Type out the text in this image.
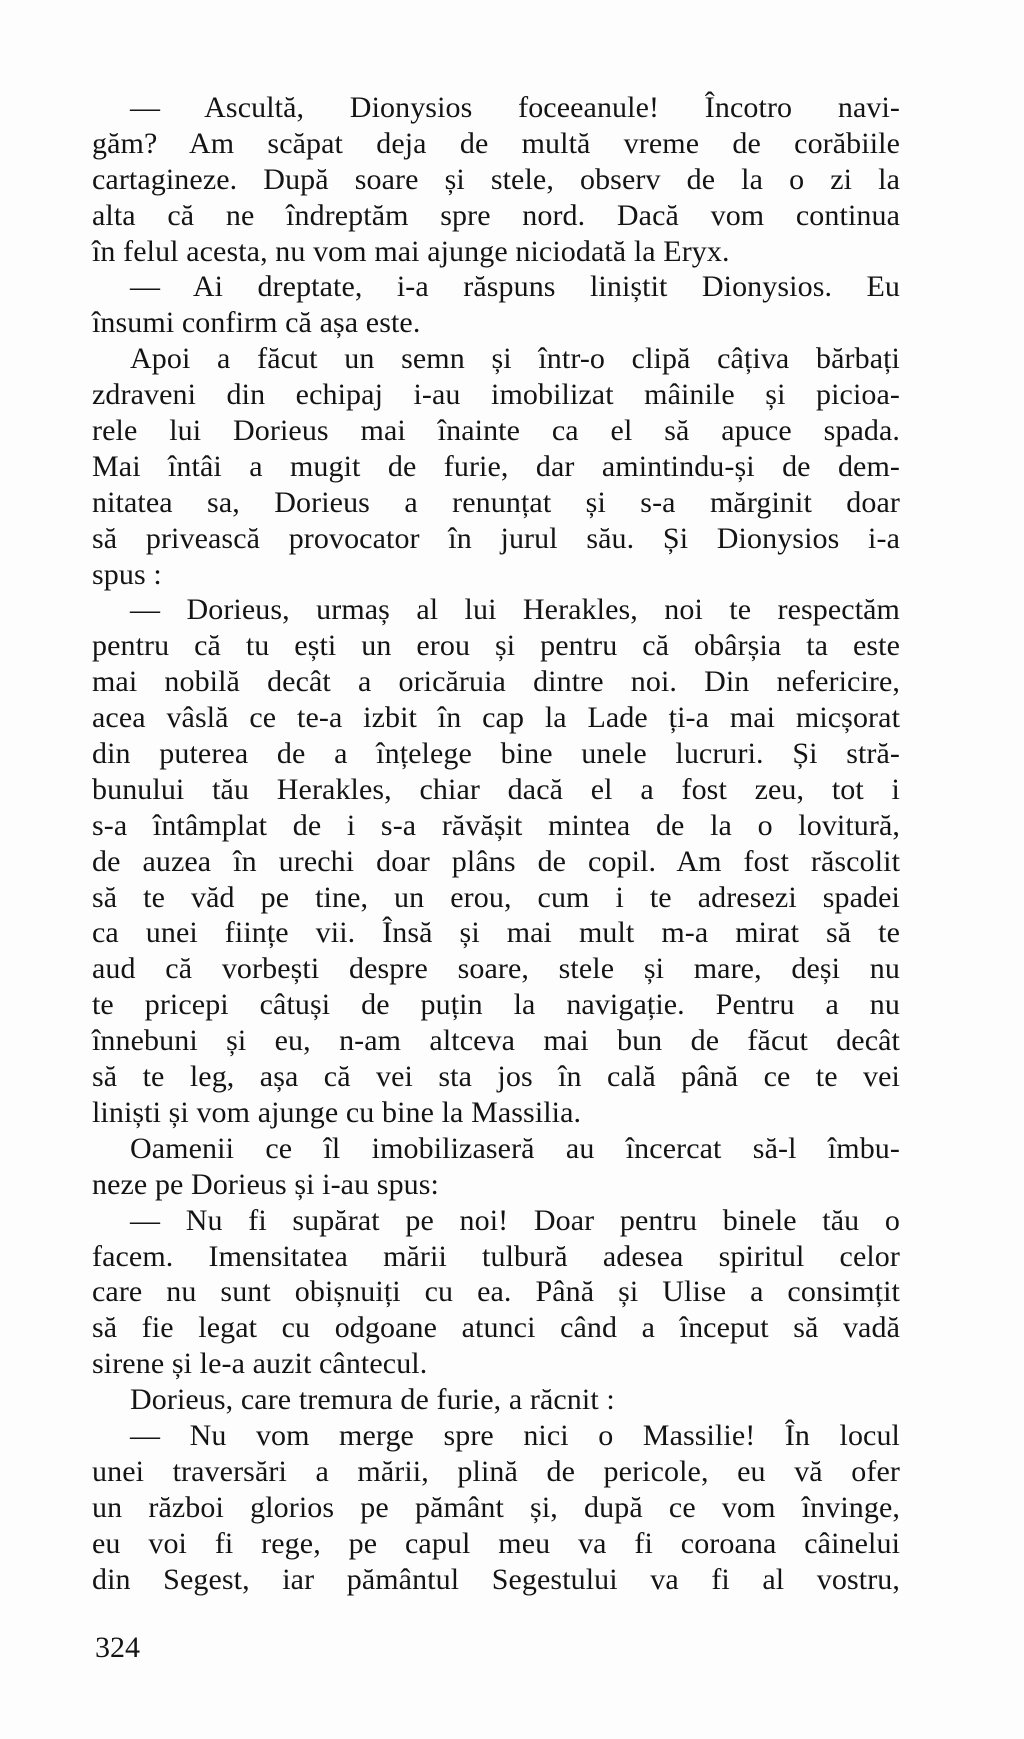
— Ascultă, Dionysios foceeanule! Încotro navi-
găm? Am scăpat deja de multă vreme de corăbiile
cartagineze. După soare și stele, observ de la o zi la
alta că ne îndreptăm spre nord. Dacă vom continua
în felul acesta, nu vom mai ajunge niciodată la Eryx.
— Ai dreptate, i-a răspuns liniștit Dionysios. Eu
însumi confirm că așa este.
Apoi a făcut un semn și într-o clipă câțiva bărbați
zdraveni din echipaj i-au imobilizat mâinile și picioa-
rele lui Dorieus mai înainte ca el să apuce spada.
Mai întâi a mugit de furie, dar amintindu-și de dem-
nitatea sa, Dorieus a renunțat și s-a mărginit doar
să privească provocator în jurul său. Și Dionysios i-a
spus :
— Dorieus, urmaș al lui Herakles, noi te respectăm
pentru că tu ești un erou și pentru că obârșia ta este
mai nobilă decât a oricăruia dintre noi. Din nefericire,
acea vâslă ce te-a izbit în cap la Lade ți-a mai micșorat
din puterea de a înțelege bine unele lucruri. Și stră-
bunului tău Herakles, chiar dacă el a fost zeu, tot i
s-a întâmplat de i s-a răvășit mintea de la o lovitură,
de auzea în urechi doar plâns de copil. Am fost răscolit
să te văd pe tine, un erou, cum i te adresezi spadei
ca unei ființe vii. Însă și mai mult m-a mirat să te
aud că vorbești despre soare, stele și mare, deși nu
te pricepi câtuși de puțin la navigație. Pentru a nu
înnebuni și eu, n-am altceva mai bun de făcut decât
să te leg, așa că vei sta jos în cală până ce te vei
liniști și vom ajunge cu bine la Massilia.
Oamenii ce îl imobilizaseră au încercat să-l îmbu-
neze pe Dorieus și i-au spus:
— Nu fi supărat pe noi! Doar pentru binele tău o
facem. Imensitatea mării tulbură adesea spiritul celor
care nu sunt obișnuiți cu ea. Până și Ulise a consimțit
să fie legat cu odgoane atunci când a început să vadă
sirene și le-a auzit cântecul.
Dorieus, care tremura de furie, a răcnit :
— Nu vom merge spre nici o Massilie! În locul
unei traversări a mării, plină de pericole, eu vă ofer
un război glorios pe pământ și, după ce vom învinge,
eu voi fi rege, pe capul meu va fi coroana câinelui
din Segest, iar pământul Segestului va fi al vostru,
324
